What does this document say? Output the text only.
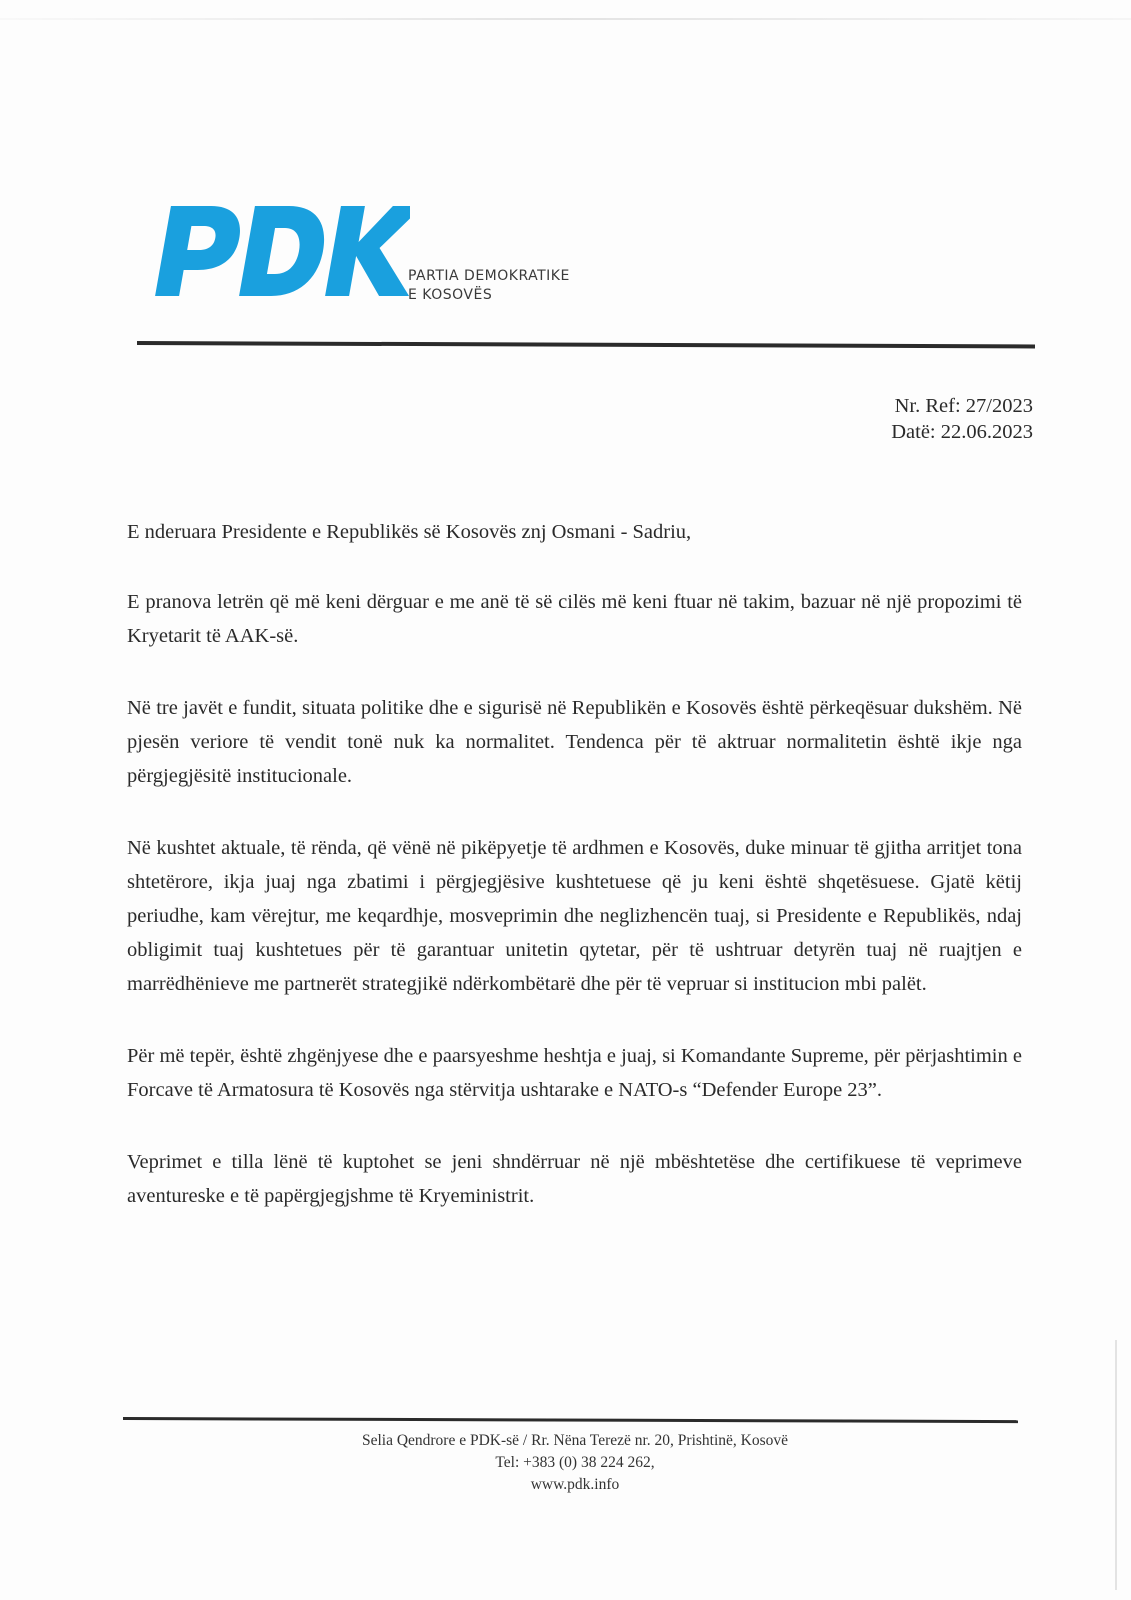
PARTIA DEMOKRATIKE
E KOSOVËS
Nr. Ref: 27/2023
Datë: 22.06.2023

E nderuara Presidente e Republikës së Kosovës znj Osmani - Sadriu,

E pranova letrën që më keni dërguar e me anë të së cilës më keni ftuar në takim, bazuar në një propozimi të Kryetarit të AAK-së.

Në tre javët e fundit, situata politike dhe e sigurisë në Republikën e Kosovës është përkeqësuar dukshëm. Në pjesën veriore të vendit tonë nuk ka normalitet. Tendenca për të aktruar normalitetin është ikje nga përgjegjësitë institucionale.

Në kushtet aktuale, të rënda, që vënë në pikëpyetje të ardhmen e Kosovës, duke minuar të gjitha arritjet tona shtetërore, ikja juaj nga zbatimi i përgjegjësive kushtetuese që ju keni është shqetësuese. Gjatë këtij periudhe, kam vërejtur, me keqardhje, mosveprimin dhe neglizhencën tuaj, si Presidente e Republikës, ndaj obligimit tuaj kushtetues për të garantuar unitetin qytetar, për të ushtruar detyrën tuaj në ruajtjen e marrëdhënieve me partnerët strategjikë ndërkombëtarë dhe për të vepruar si institucion mbi palët.

Për më tepër, është zhgënjyese dhe e paarsyeshme heshtja e juaj, si Komandante Supreme, për përjashtimin e Forcave të Armatosura të Kosovës nga stërvitja ushtarake e NATO-s “Defender Europe 23”.

Veprimet e tilla lënë të kuptohet se jeni shndërruar në një mbështetëse dhe certifikuese të veprimeve aventureske e të papërgjegjshme të Kryeministrit.

Selia Qendrore e PDK-së / Rr. Nëna Terezë nr. 20, Prishtinë, Kosovë
Tel: +383 (0) 38 224 262,
www.pdk.info
